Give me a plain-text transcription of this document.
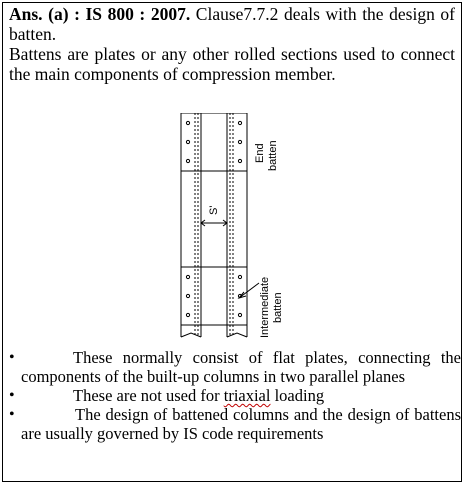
Ans. (a) : IS 800 : 2007. Clause7.7.2 deals with the design of batten.

Battens are plates or any other rolled sections used to connect the main components of compression member.

S'
End batten
Intermediate batten
•	These normally consist of flat plates, connecting the components of the built-up columns in two parallel planes
•	These are not used for triaxial loading
•	The design of battened columns and the design of battens are usually governed by IS code requirements
